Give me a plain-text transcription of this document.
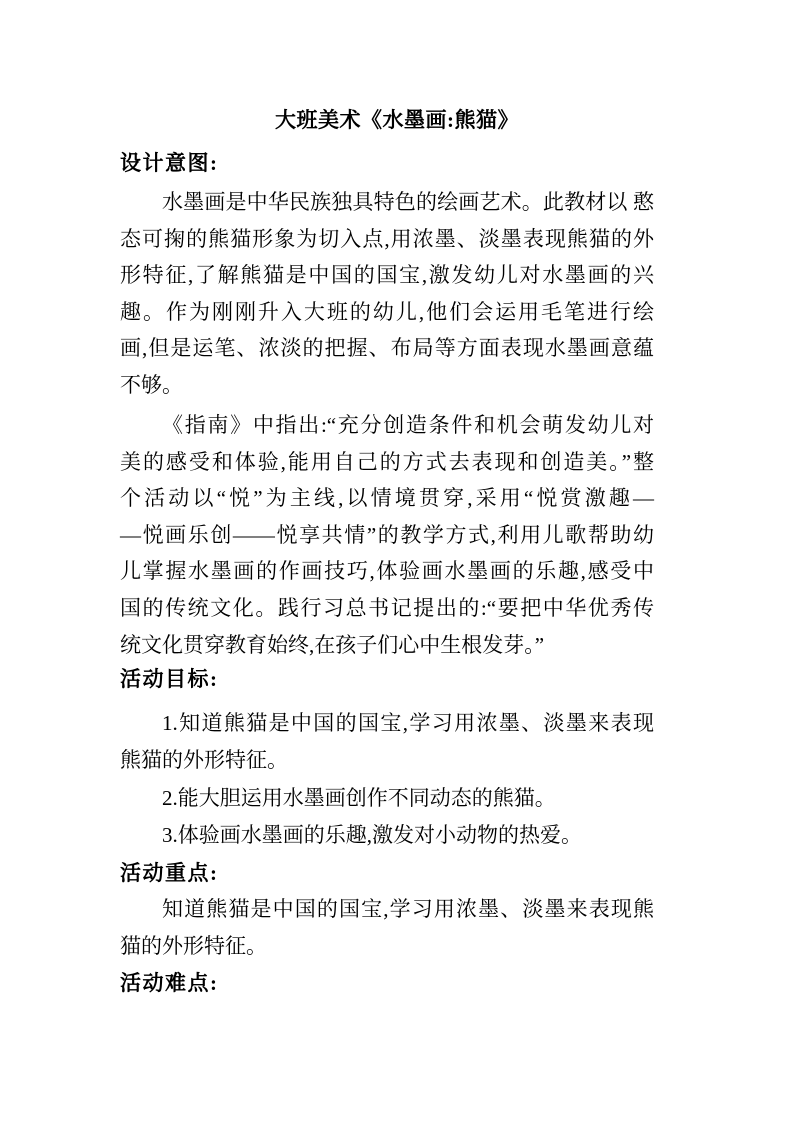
大班美术《水墨画:熊猫》
设计意图:
水墨画是中华民族独具特色的绘画艺术。此教材以 憨
态可掬的熊猫形象为切入点,用浓墨、淡墨表现熊猫的外
形特征,了解熊猫是中国的国宝,激发幼儿对水墨画的兴
趣。作为刚刚升入大班的幼儿,他们会运用毛笔进行绘
画,但是运笔、浓淡的把握、布局等方面表现水墨画意蕴
不够。
《指南》中指出:“充分创造条件和机会萌发幼儿对
美的感受和体验,能用自己的方式去表现和创造美。”整
个活动以“悦”为主线,以情境贯穿,采用“悦赏激趣—
—悦画乐创——悦享共情”的教学方式,利用儿歌帮助幼
儿掌握水墨画的作画技巧,体验画水墨画的乐趣,感受中
国的传统文化。践行习总书记提出的:“要把中华优秀传
统文化贯穿教育始终,在孩子们心中生根发芽。”
活动目标:
1.知道熊猫是中国的国宝,学习用浓墨、淡墨来表现
熊猫的外形特征。
2.能大胆运用水墨画创作不同动态的熊猫。
3.体验画水墨画的乐趣,激发对小动物的热爱。
活动重点:
知道熊猫是中国的国宝,学习用浓墨、淡墨来表现熊
猫的外形特征。
活动难点:
